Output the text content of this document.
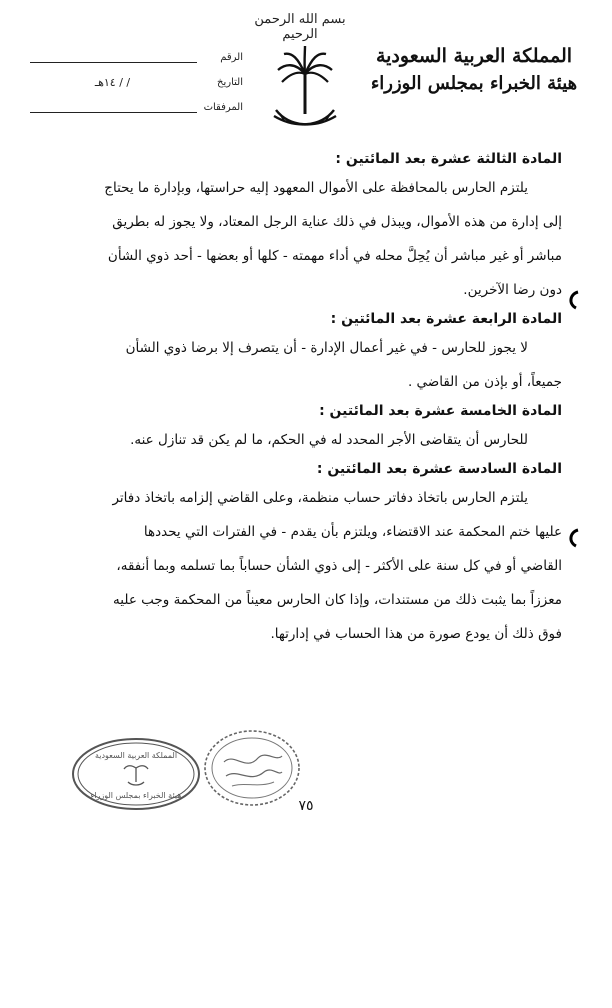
بسم الله الرحمن الرحيم
المملكة العربية السعودية
هيئة الخبراء بمجلس الوزراء
الرقم
التاريخ
/ / ١٤هـ
المرفقات
المادة الثالثة عشرة بعد المائتين :
يلتزم الحارس بالمحافظة على الأموال المعهود إليه حراستها، وبإدارة ما يحتاج
إلى إدارة من هذه الأموال، ويبذل في ذلك عناية الرجل المعتاد، ولا يجوز له بطريق
مباشر أو غير مباشر أن يُحِلَّ محله في أداء مهمته - كلها أو بعضها - أحد ذوي الشأن
دون رضا الآخرين.
المادة الرابعة عشرة بعد المائتين :
لا يجوز للحارس - في غير أعمال الإدارة - أن يتصرف إلا برضا ذوي الشأن
جميعاً، أو بإذن من القاضي .
المادة الخامسة عشرة بعد المائتين :
للحارس أن يتقاضى الأجر المحدد له في الحكم، ما لم يكن قد تنازل عنه.
المادة السادسة عشرة بعد المائتين :
يلتزم الحارس باتخاذ دفاتر حساب منظمة، وعلى القاضي إلزامه باتخاذ دفاتر
عليها ختم المحكمة عند الاقتضاء، ويلتزم بأن يقدم - في الفترات التي يحددها
القاضي أو في كل سنة على الأكثر - إلى ذوي الشأن حساباً بما تسلمه وبما أنفقه،
معززاً بما يثبت ذلك من مستندات، وإذا كان الحارس معيناً من المحكمة وجب عليه
فوق ذلك أن يودع صورة من هذا الحساب في إدارتها.
المملكة العربية السعودية
هيئة الخبراء بمجلس الوزراء
٧٥
